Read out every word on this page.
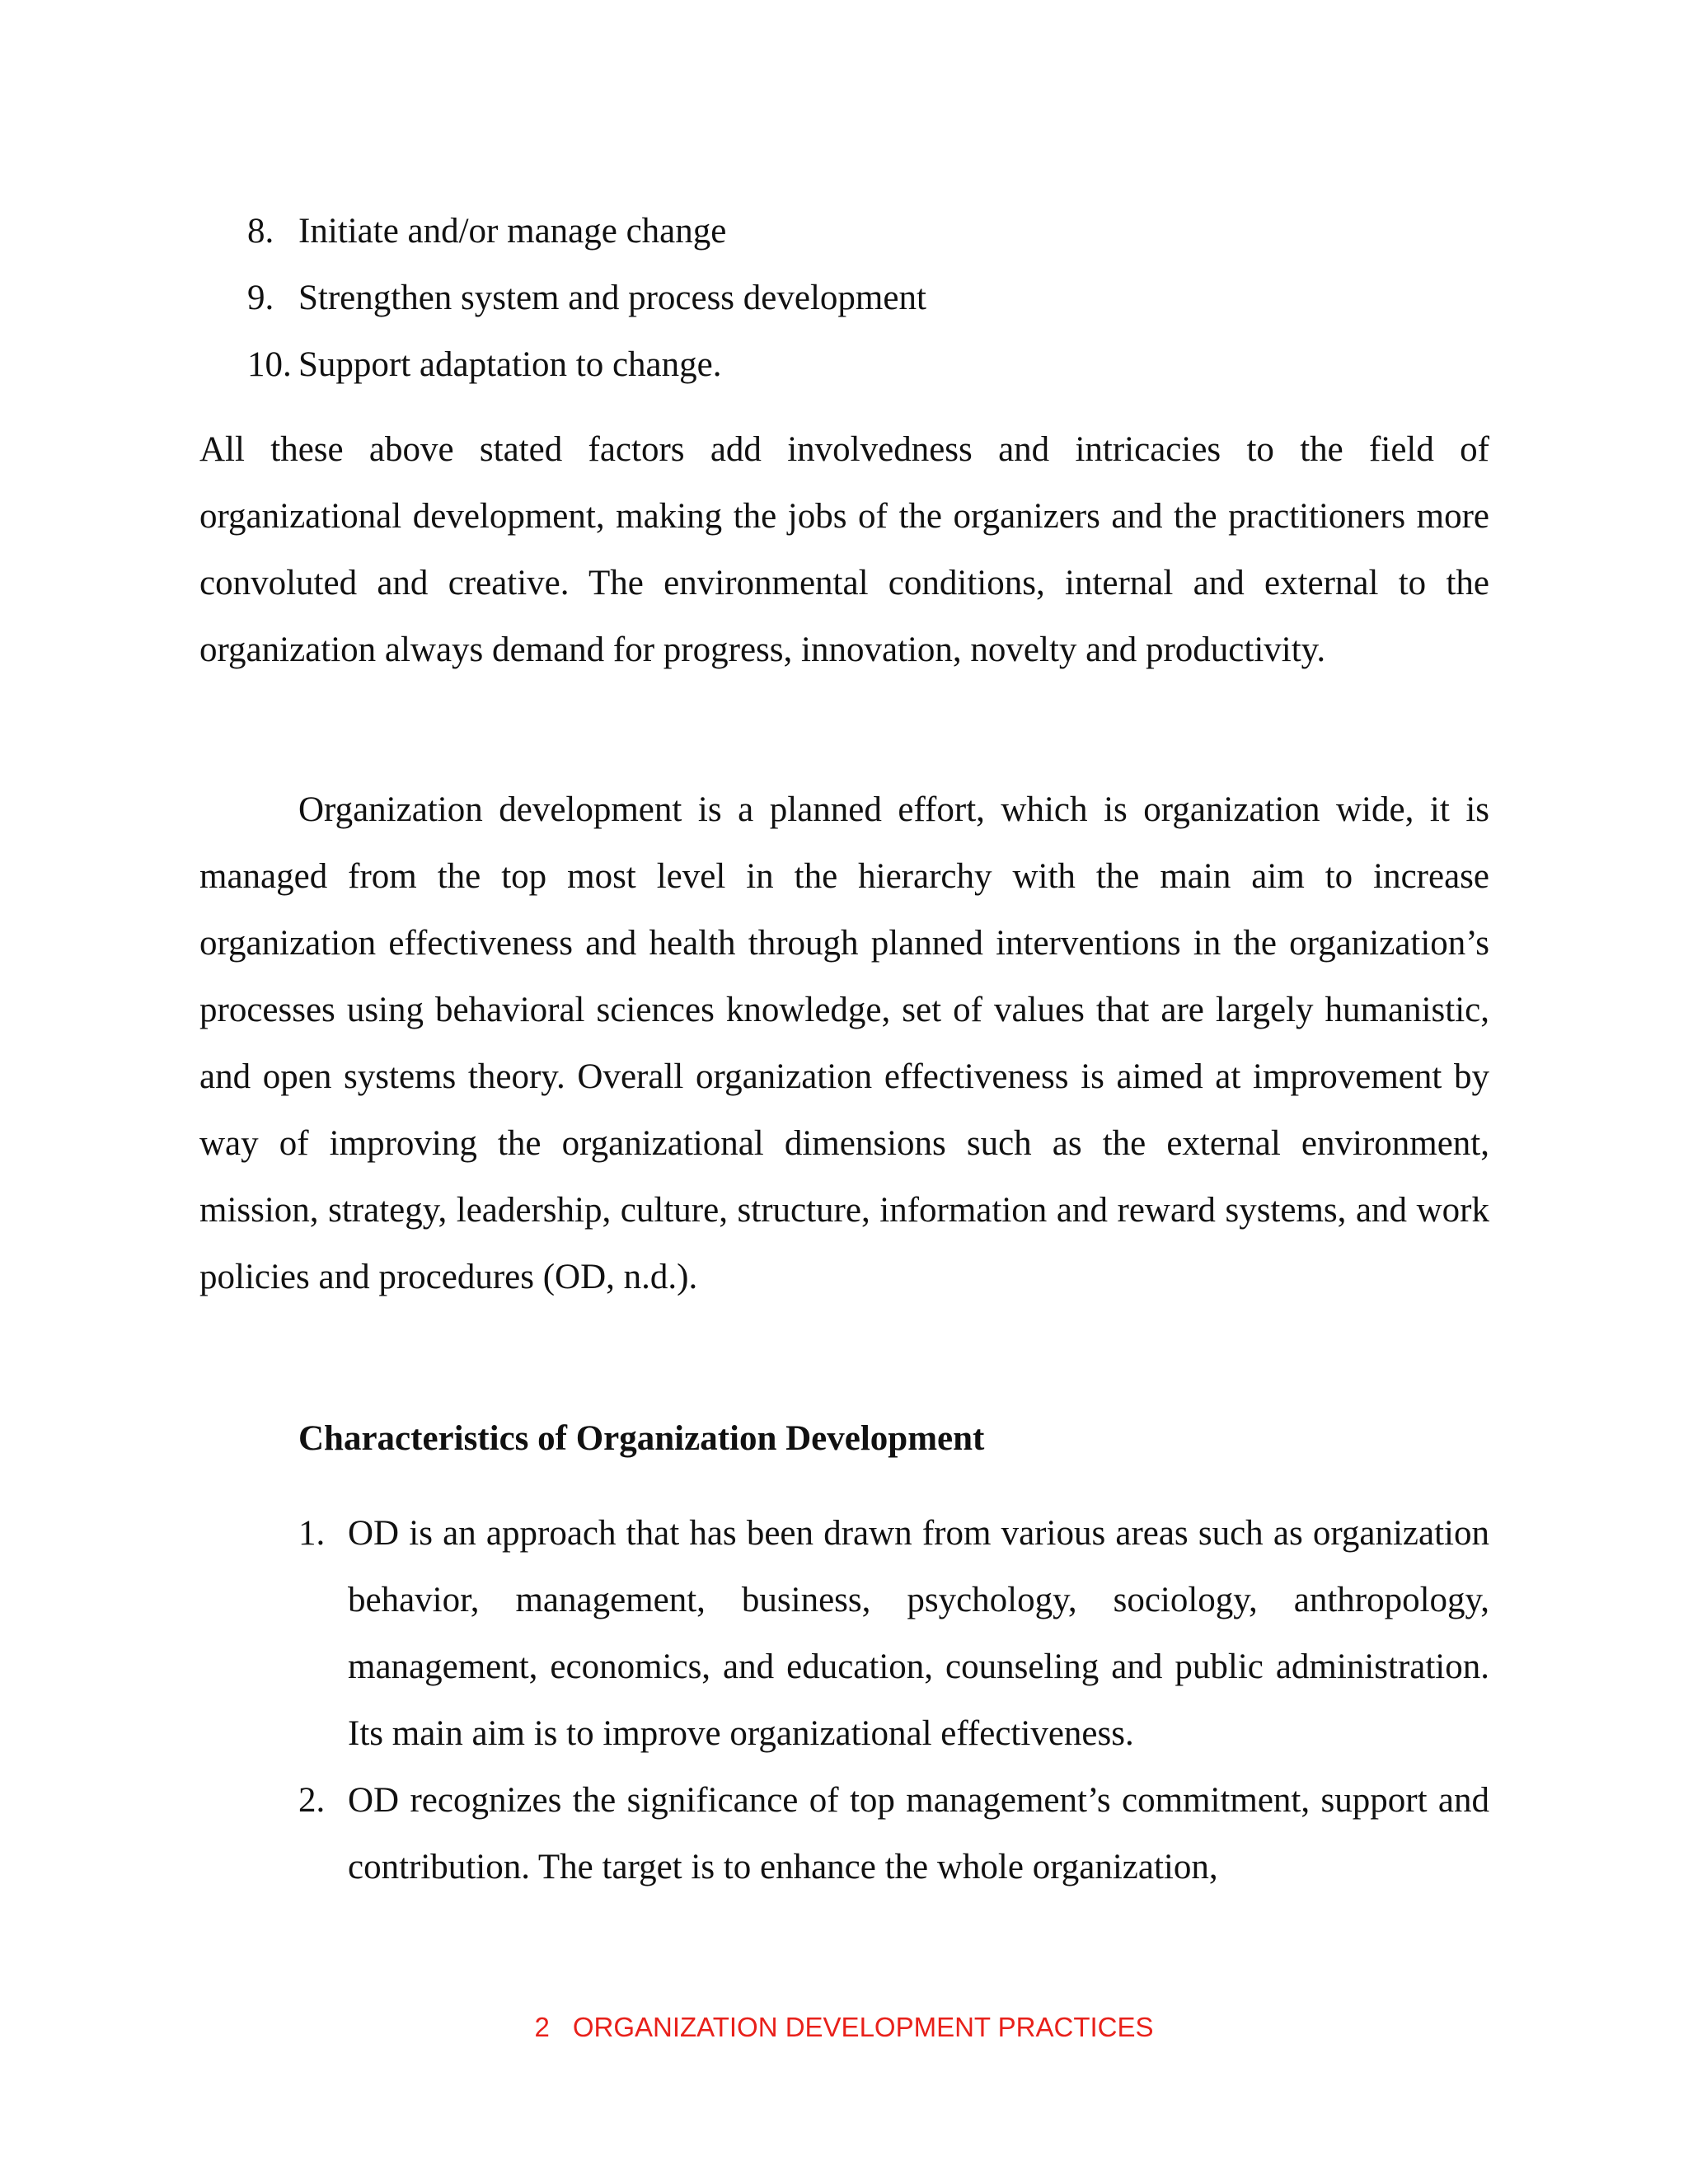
8. Initiate and/or manage change
9. Strengthen system and process development
10. Support adaptation to change.

All these above stated factors add involvedness and intricacies to the field of organizational development, making the jobs of the organizers and the practitioners more convoluted and creative. The environmental conditions, internal and external to the organization always demand for progress, innovation, novelty and productivity.

Organization development is a planned effort, which is organization wide, it is managed from the top most level in the hierarchy with the main aim to increase organization effectiveness and health through planned interventions in the organization’s processes using behavioral sciences knowledge, set of values that are largely humanistic, and open systems theory. Overall organization effectiveness is aimed at improvement by way of improving the organizational dimensions such as the external environment, mission, strategy, leadership, culture, structure, information and reward systems, and work policies and procedures (OD, n.d.).

Characteristics of Organization Development
1. OD is an approach that has been drawn from various areas such as organization behavior, management, business, psychology, sociology, anthropology, management, economics, and education, counseling and public administration. Its main aim is to improve organizational effectiveness.
2. OD recognizes the significance of top management’s commitment, support and contribution. The target is to enhance the whole organization,
2 ORGANIZATION DEVELOPMENT PRACTICES
